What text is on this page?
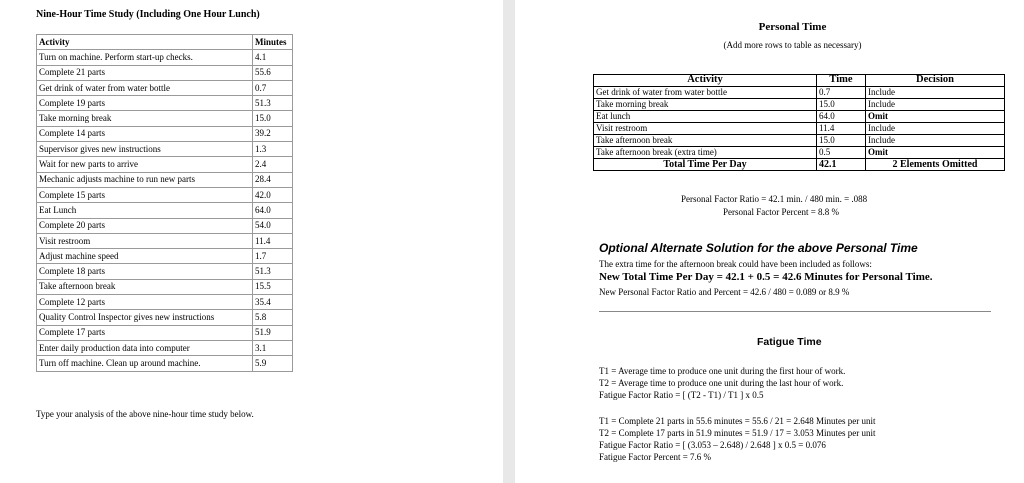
Nine-Hour Time Study (Including One Hour Lunch)
Activity	Minutes
Turn on machine. Perform start-up checks.	4.1
Complete 21 parts	55.6
Get drink of water from water bottle	0.7
Complete 19 parts	51.3
Take morning break	15.0
Complete 14 parts	39.2
Supervisor gives new instructions	1.3
Wait for new parts to arrive	2.4
Mechanic adjusts machine to run new parts	28.4
Complete 15 parts	42.0
Eat Lunch	64.0
Complete 20 parts	54.0
Visit restroom	11.4
Adjust machine speed	1.7
Complete 18 parts	51.3
Take afternoon break	15.5
Complete 12 parts	35.4
Quality Control Inspector gives new instructions	5.8
Complete 17 parts	51.9
Enter daily production data into computer	3.1
Turn off machine. Clean up around machine.	5.9
Type your analysis of the above nine-hour time study below.
Personal Time
(Add more rows to table as necessary)
Activity	Time	Decision
Get drink of water from water bottle	0.7	Include
Take morning break	15.0	Include
Eat lunch	64.0	Omit
Visit restroom	11.4	Include
Take afternoon break	15.0	Include
Take afternoon break (extra time)	0.5	Omit
Total Time Per Day	42.1	2 Elements Omitted
Personal Factor Ratio = 42.1 min. / 480 min. = .088
Personal Factor Percent = 8.8 %
Optional Alternate Solution for the above Personal Time
The extra time for the afternoon break could have been included as follows:
New Total Time Per Day = 42.1 + 0.5 = 42.6 Minutes for Personal Time.
New Personal Factor Ratio and Percent = 42.6 / 480 = 0.089 or 8.9 %
Fatigue Time
T1 = Average time to produce one unit during the first hour of work.
T2 = Average time to produce one unit during the last hour of work.
Fatigue Factor Ratio = [ (T2 - T1) / T1 ] x 0.5
T1 = Complete 21 parts in 55.6 minutes = 55.6 / 21 = 2.648 Minutes per unit
T2 = Complete 17 parts in 51.9 minutes = 51.9 / 17 = 3.053 Minutes per unit
Fatigue Factor Ratio = [ (3.053 – 2.648) / 2.648 ] x 0.5 = 0.076
Fatigue Factor Percent = 7.6 %
